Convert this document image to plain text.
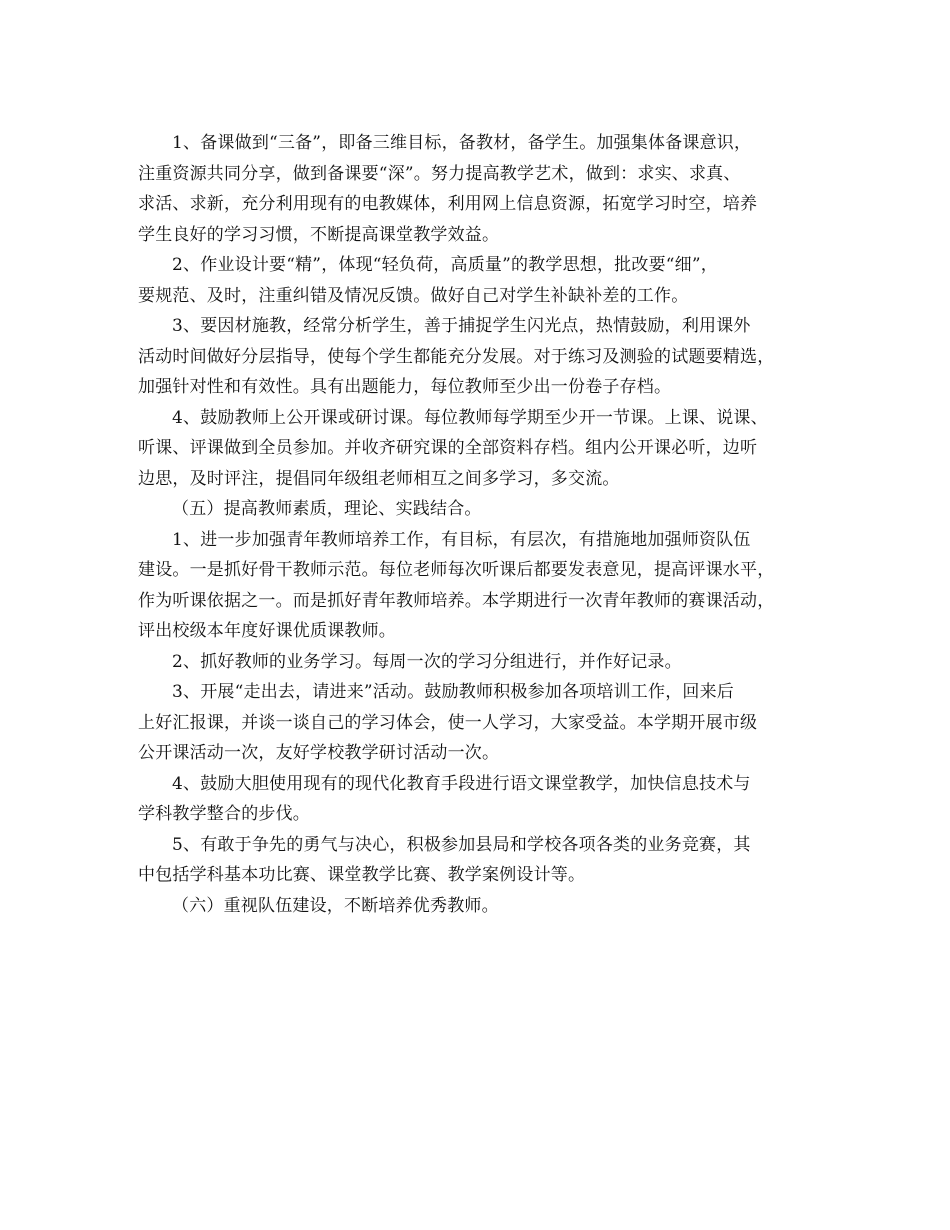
1、备课做到“三备”，即备三维目标，备教材，备学生。加强集体备课意识，
注重资源共同分享，做到备课要“深”。努力提高教学艺术，做到：求实、求真、
求活、求新，充分利用现有的电教媒体，利用网上信息资源，拓宽学习时空，培养
学生良好的学习习惯，不断提高课堂教学效益。
2、作业设计要“精”，体现“轻负荷，高质量”的教学思想，批改要“细”，
要规范、及时，注重纠错及情况反馈。做好自己对学生补缺补差的工作。
3、要因材施教，经常分析学生，善于捕捉学生闪光点，热情鼓励，利用课外
活动时间做好分层指导，使每个学生都能充分发展。对于练习及测验的试题要精选，
加强针对性和有效性。具有出题能力，每位教师至少出一份卷子存档。
4、鼓励教师上公开课或研讨课。每位教师每学期至少开一节课。上课、说课、
听课、评课做到全员参加。并收齐研究课的全部资料存档。组内公开课必听，边听
边思，及时评注，提倡同年级组老师相互之间多学习，多交流。
（五）提高教师素质，理论、实践结合。
1、进一步加强青年教师培养工作，有目标，有层次，有措施地加强师资队伍
建设。一是抓好骨干教师示范。每位老师每次听课后都要发表意见，提高评课水平，
作为听课依据之一。而是抓好青年教师培养。本学期进行一次青年教师的赛课活动，
评出校级本年度好课优质课教师。
2、抓好教师的业务学习。每周一次的学习分组进行，并作好记录。
3、开展“走出去，请进来”活动。鼓励教师积极参加各项培训工作，回来后
上好汇报课，并谈一谈自己的学习体会，使一人学习，大家受益。本学期开展市级
公开课活动一次，友好学校教学研讨活动一次。
4、鼓励大胆使用现有的现代化教育手段进行语文课堂教学，加快信息技术与
学科教学整合的步伐。
5、有敢于争先的勇气与决心，积极参加县局和学校各项各类的业务竞赛，其
中包括学科基本功比赛、课堂教学比赛、教学案例设计等。
（六）重视队伍建设，不断培养优秀教师。
